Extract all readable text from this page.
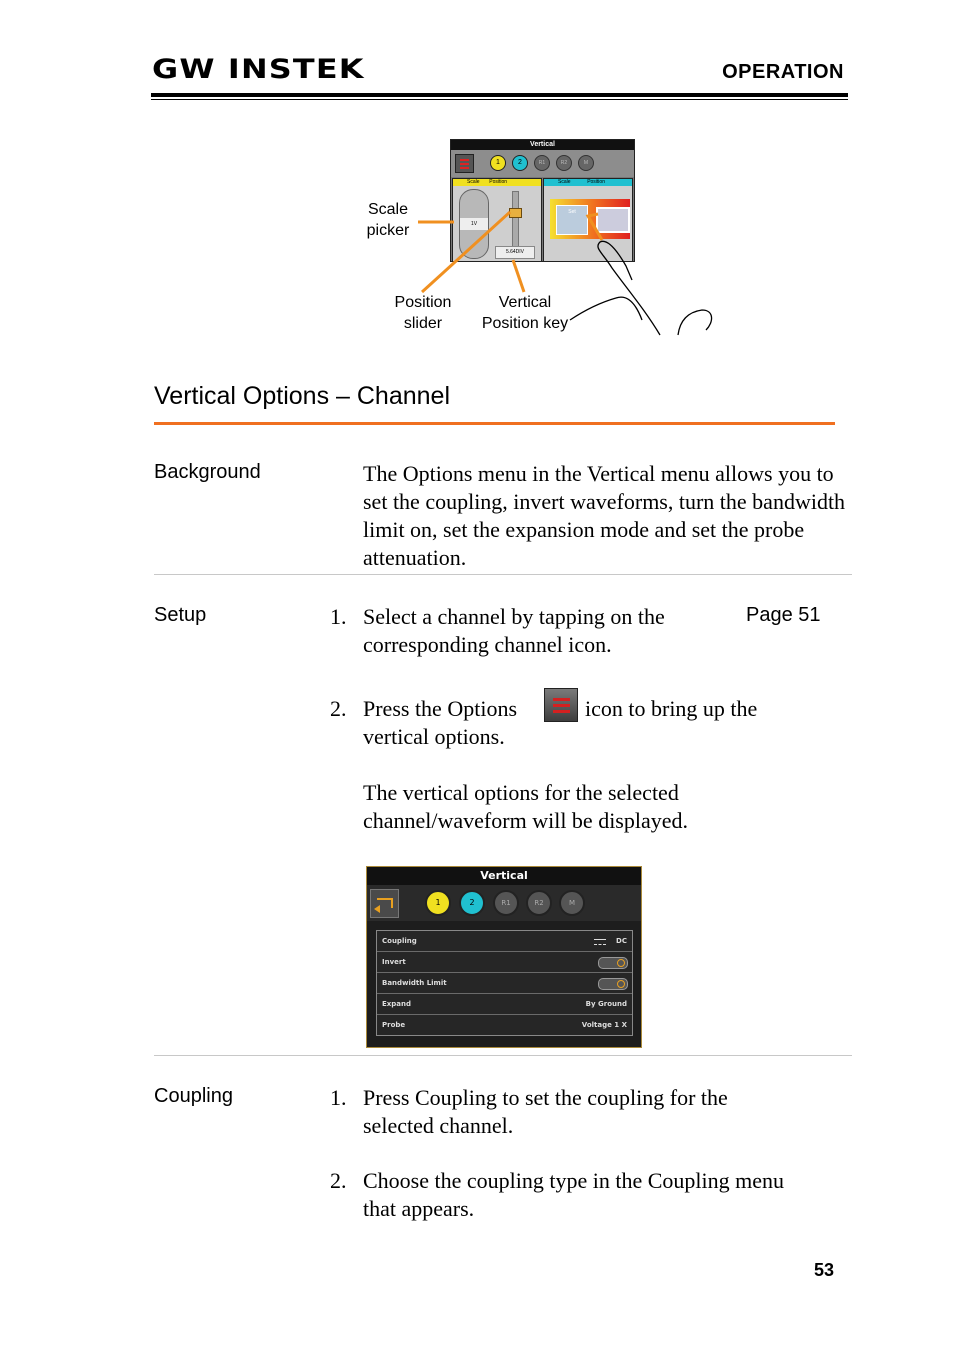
GW INSTEK	OPERATION
Vertical
1	2	R1	R2	M
Scale Position
1V
5.64DIV
Scale	Position
Set
Scale picker
Position slider
Vertical Position key
Vertical Options – Channel
Background	The Options menu in the Vertical menu allows you to set the coupling, invert waveforms, turn the bandwidth limit on, set the expansion mode and set the probe attenuation.
Setup	1. Select a channel by tapping on the corresponding channel icon.
Page 51
2. Press the Options	icon to bring up the
vertical options.
The vertical options for the selected channel/waveform will be displayed.
Vertical
1	2	R1	R2	M
Coupling	DC
Invert
Bandwidth Limit
Expand	By Ground
Probe	Voltage 1 X
Coupling	1. Press Coupling to set the coupling for the selected channel.
2. Choose the coupling type in the Coupling menu that appears.
53
